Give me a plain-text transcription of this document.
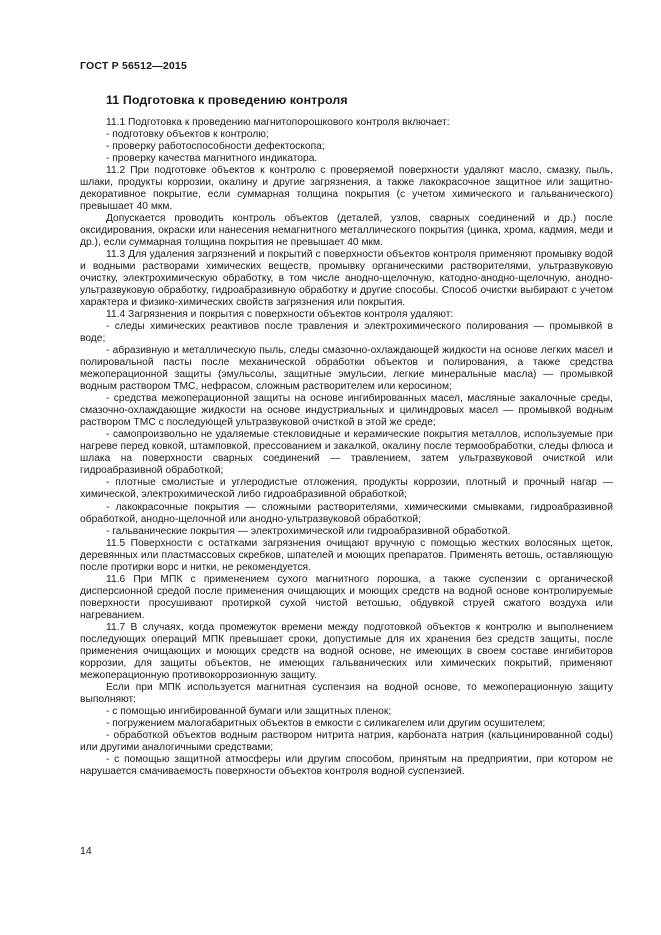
ГОСТ Р 56512—2015
11 Подготовка к проведению контроля

11.1 Подготовка к проведению магнитопорошкового контроля включает:

- подготовку объектов к контролю;

- проверку работоспособности дефектоскопа;

- проверку качества магнитного индикатора.

11.2 При подготовке объектов к контролю с проверяемой поверхности удаляют масло, смазку, пыль, шлаки, продукты коррозии, окалину и другие загрязнения, а также лакокрасочное защитное или защитно-декоративное покрытие, если суммарная толщина покрытия (с учетом химического и гальванического) превышает 40 мкм.

Допускается проводить контроль объектов (деталей, узлов, сварных соединений и др.) после оксидирования, окраски или нанесения немагнитного металлического покрытия (цинка, хрома, кадмия, меди и др.), если суммарная толщина покрытия не превышает 40 мкм.

11.3 Для удаления загрязнений и покрытий с поверхности объектов контроля применяют промывку водой и водными растворами химических веществ, промывку органическими растворителями, ультразвуковую очистку, электрохимическую обработку, в том числе анодно-щелочную, катодно-анодно-щелочную, анодно-ультразвуковую обработку, гидроабразивную обработку и другие способы. Способ очистки выбирают с учетом характера и физико-химических свойств загрязнения или покрытия.

11.4 Загрязнения и покрытия с поверхности объектов контроля удаляют:

- следы химических реактивов после травления и электрохимического полирования — промывкой в воде;

- абразивную и металлическую пыль, следы смазочно-охлаждающей жидкости на основе легких масел и полировальной пасты после механической обработки объектов и полирования, а также средства межоперационной защиты (эмульсолы, защитные эмульсии, легкие минеральные масла) — промывкой водным раствором ТМС, нефрасом, сложным растворителем или керосином;

- средства межоперационной защиты на основе ингибированных масел, масляные закалочные среды, смазочно-охлаждающие жидкости на основе индустриальных и цилиндровых масел — промывкой водным раствором ТМС с последующей ультразвуковой очисткой в этой же среде;

- самопроизвольно не удаляемые стекловидные и керамические покрытия металлов, используемые при нагреве перед ковкой, штамповкой, прессованием и закалкой, окалину после термообработки, следы флюса и шлака на поверхности сварных соединений — травлением, затем ультразвуковой очисткой или гидроабразивной обработкой;

- плотные смолистые и углеродистые отложения, продукты коррозии, плотный и прочный нагар — химической, электрохимической либо гидроабразивной обработкой;

- лакокрасочные покрытия — сложными растворителями, химическими смывками, гидроабразивной обработкой, анодно-щелочной или анодно-ультразвуковой обработкой;

- гальванические покрытия — электрохимической или гидроабразивной обработкой.

11.5 Поверхности с остатками загрязнения очищают вручную с помощью жестких волосяных щеток, деревянных или пластмассовых скребков, шпателей и моющих препаратов. Применять ветошь, оставляющую после протирки ворс и нитки, не рекомендуется.

11.6 При МПК с применением сухого магнитного порошка, а также суспензии с органической дисперсионной средой после применения очищающих и моющих средств на водной основе контролируемые поверхности просушивают протиркой сухой чистой ветошью, обдувкой струей сжатого воздуха или нагреванием.

11.7 В случаях, когда промежуток времени между подготовкой объектов к контролю и выполнением последующих операций МПК превышает сроки, допустимые для их хранения без средств защиты, после применения очищающих и моющих средств на водной основе, не имеющих в своем составе ингибиторов коррозии, для защиты объектов, не имеющих гальванических или химических покрытий, применяют межоперационную противокоррозионную защиту.

Если при МПК используется магнитная суспензия на водной основе, то межоперационную защиту выполняют:

- с помощью ингибированной бумаги или защитных пленок;

- погружением малогабаритных объектов в емкости с силикагелем или другим осушителем;

- обработкой объектов водным раствором нитрита натрия, карбоната натрия (кальцинированной соды) или другими аналогичными средствами;

- с помощью защитной атмосферы или другим способом, принятым на предприятии, при котором не нарушается смачиваемость поверхности объектов контроля водной суспензией.

14
